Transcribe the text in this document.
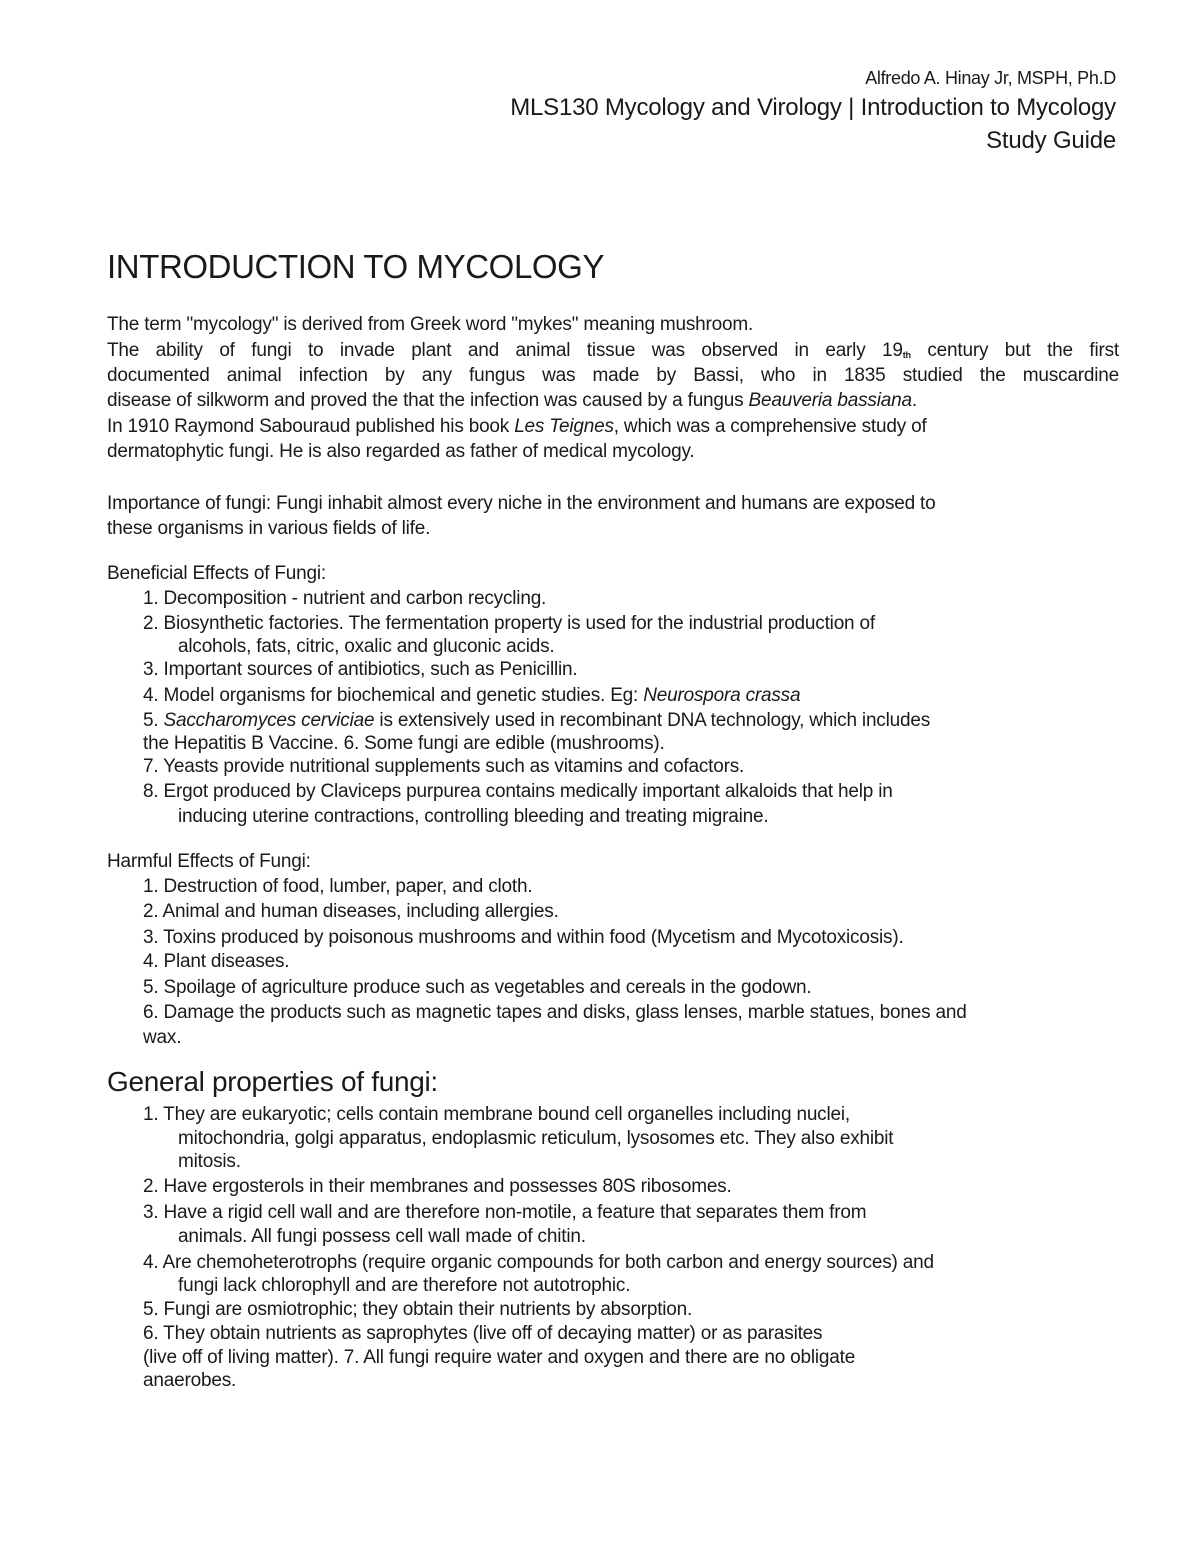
Alfredo A. Hinay Jr, MSPH, Ph.D
MLS130 Mycology and Virology | Introduction to Mycology
Study Guide
INTRODUCTION TO MYCOLOGY
The term "mycology" is derived from Greek word "mykes" meaning mushroom.
The ability of fungi to invade plant and animal tissue was observed in early $19_{th}$ century but the first
documented animal infection by any fungus was made by Bassi, who in 1835 studied the muscardine
disease of silkworm and proved the that the infection was caused by a fungus Beauveria bassiana.
In 1910 Raymond Sabouraud published his book Les Teignes, which was a comprehensive study of
dermatophytic fungi. He is also regarded as father of medical mycology.
Importance of fungi: Fungi inhabit almost every niche in the environment and humans are exposed to
these organisms in various fields of life.
Beneficial Effects of Fungi:
1. Decomposition - nutrient and carbon recycling.
2. Biosynthetic factories. The fermentation property is used for the industrial production of
alcohols, fats, citric, oxalic and gluconic acids.
3. Important sources of antibiotics, such as Penicillin.
4. Model organisms for biochemical and genetic studies. Eg: Neurospora crassa
5. Saccharomyces cerviciae is extensively used in recombinant DNA technology, which includes
the Hepatitis B Vaccine. 6. Some fungi are edible (mushrooms).
7. Yeasts provide nutritional supplements such as vitamins and cofactors.
8. Ergot produced by Claviceps purpurea contains medically important alkaloids that help in
inducing uterine contractions, controlling bleeding and treating migraine.
Harmful Effects of Fungi:
1. Destruction of food, lumber, paper, and cloth.
2. Animal and human diseases, including allergies.
3. Toxins produced by poisonous mushrooms and within food (Mycetism and Mycotoxicosis).
4. Plant diseases.
5. Spoilage of agriculture produce such as vegetables and cereals in the godown.
6. Damage the products such as magnetic tapes and disks, glass lenses, marble statues, bones and
wax.
General properties of fungi:
1. They are eukaryotic; cells contain membrane bound cell organelles including nuclei,
mitochondria, golgi apparatus, endoplasmic reticulum, lysosomes etc. They also exhibit
mitosis.
2. Have ergosterols in their membranes and possesses 80S ribosomes.
3. Have a rigid cell wall and are therefore non-motile, a feature that separates them from
animals. All fungi possess cell wall made of chitin.
4. Are chemoheterotrophs (require organic compounds for both carbon and energy sources) and
fungi lack chlorophyll and are therefore not autotrophic.
5. Fungi are osmiotrophic; they obtain their nutrients by absorption.
6. They obtain nutrients as saprophytes (live off of decaying matter) or as parasites
(live off of living matter). 7. All fungi require water and oxygen and there are no obligate
anaerobes.
